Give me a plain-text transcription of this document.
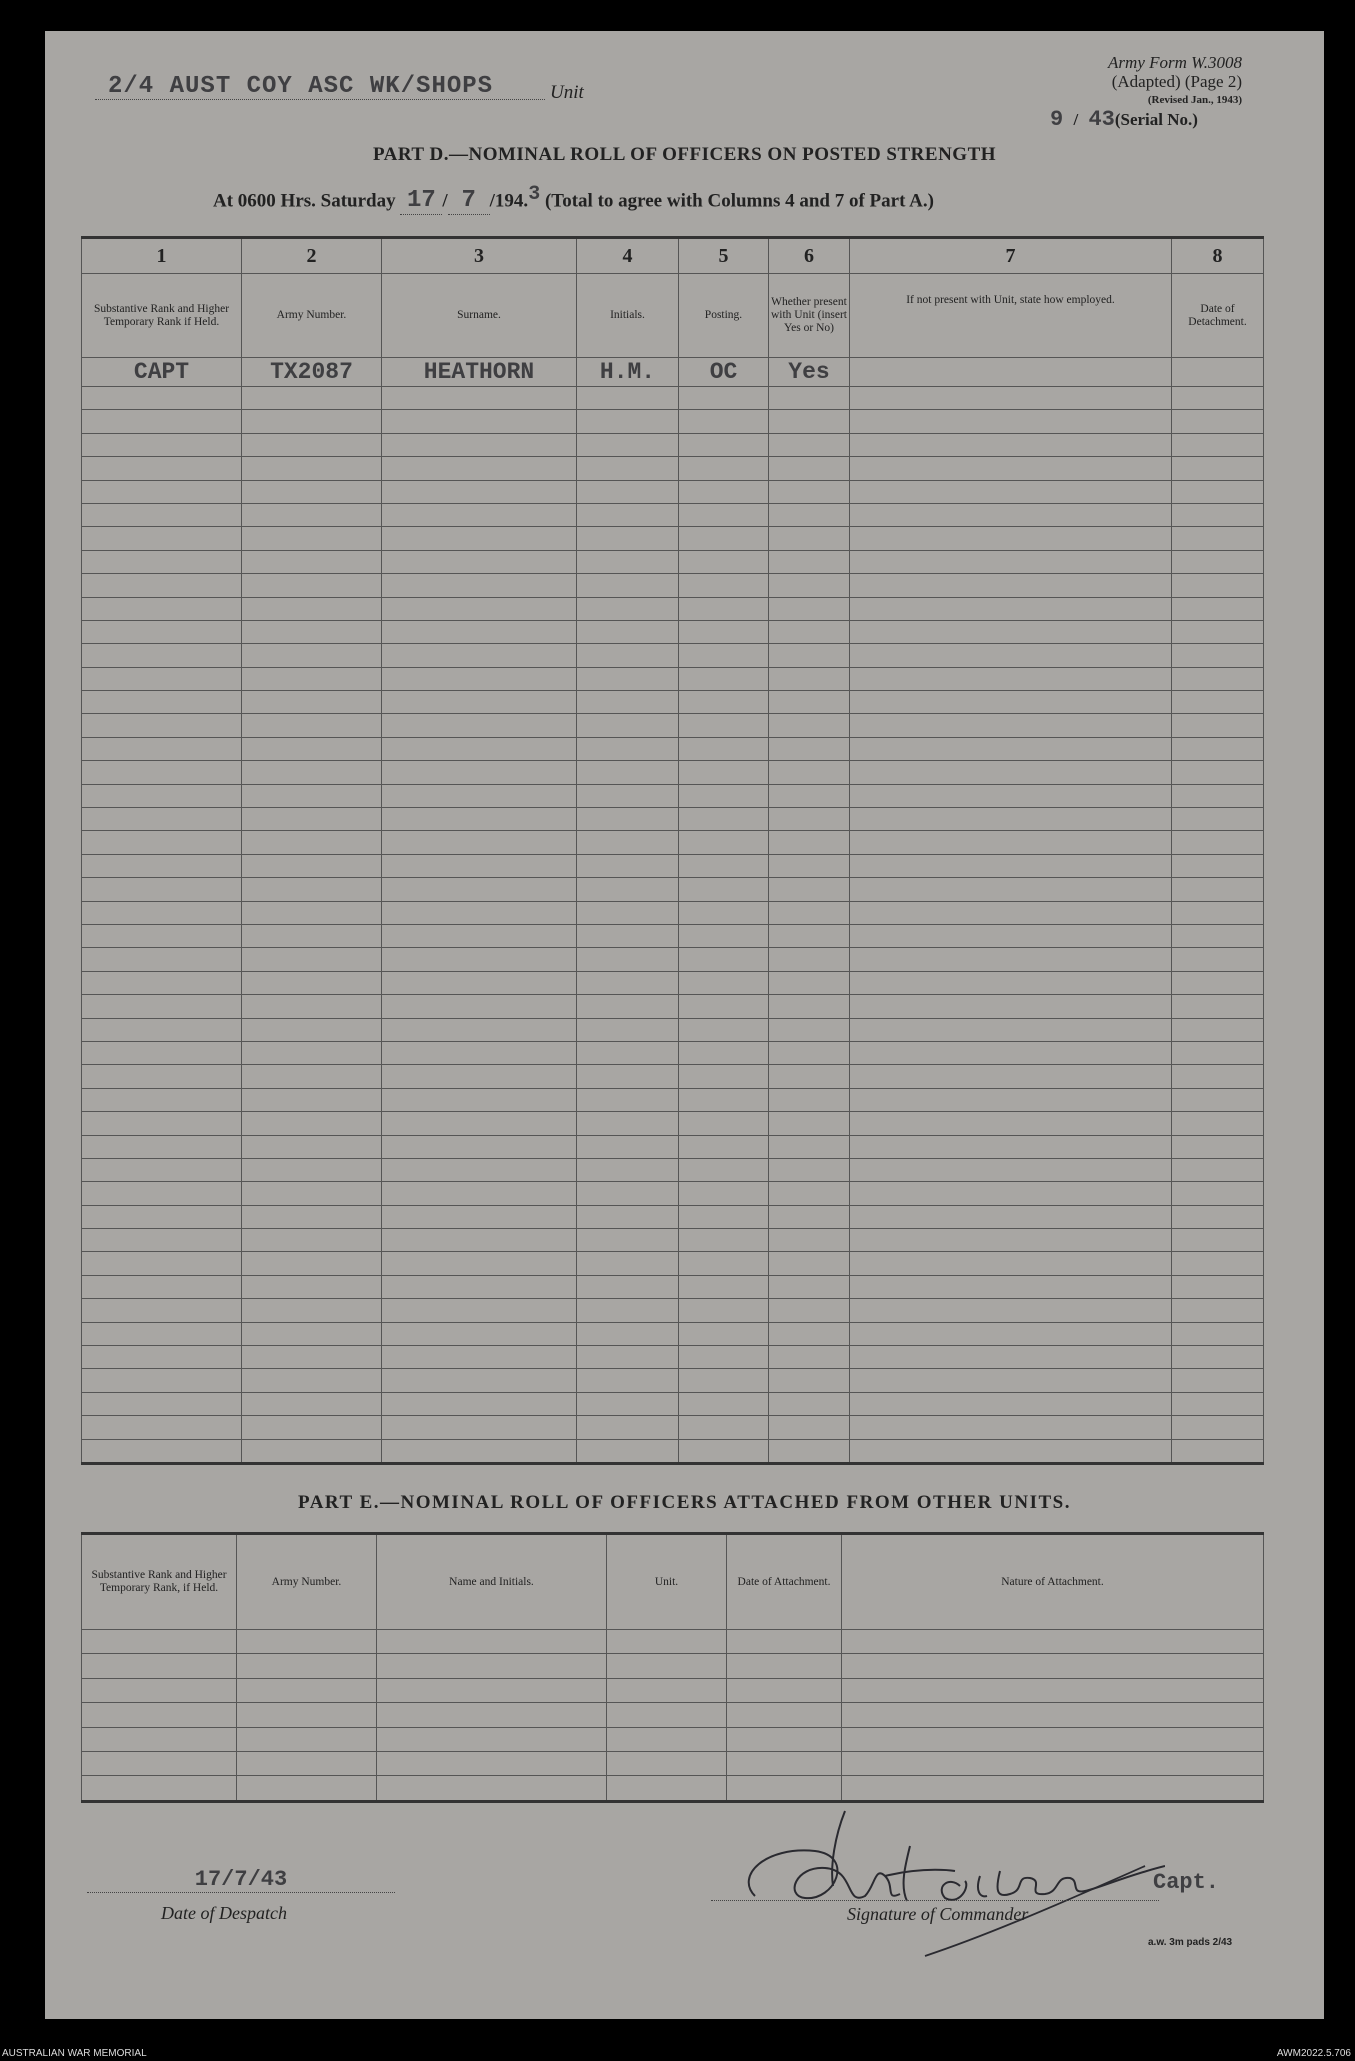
2/4 AUST COY ASC WK/SHOPS	Unit
Army Form W.3008
(Adapted) (Page 2)
(Revised Jan., 1943)
9 / 43(Serial No.)
PART D.—NOMINAL ROLL OF OFFICERS ON POSTED STRENGTH
At 0600 Hrs. Saturday 17 / 7 /194.$^3$ (Total to agree with Columns 4 and 7 of Part A.)
1	2	3	4	5	6	7	8
Substantive Rank and Higher Temporary Rank if Held.	Army Number.	Surname.	Initials.	Posting.	Whether present with Unit (insert Yes or No)	If not present with Unit, state how employed.	Date of Detachment.
CAPT	TX2087	HEATHORN	H.M.	OC	Yes		

PART E.—NOMINAL ROLL OF OFFICERS ATTACHED FROM OTHER UNITS.
Substantive Rank and Higher Temporary Rank, if Held.	Army Number.	Name and Initials.	Unit.	Date of Attachment.	Nature of Attachment.

17/7/43
Date of Despatch	Signature of Commander
Capt.
a.w. 3m pads 2/43
AUSTRALIAN WAR MEMORIAL	AWM2022.5.706
